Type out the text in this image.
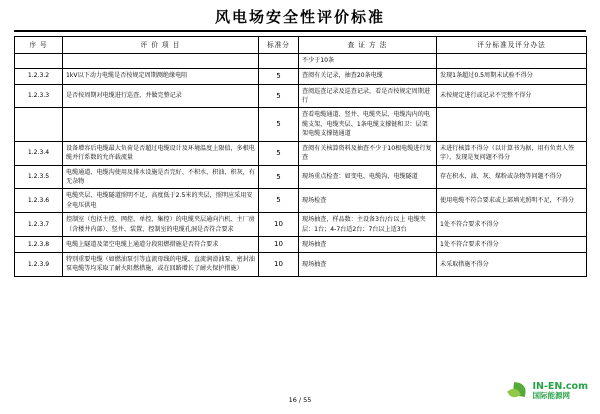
风电场安全性评价标准
序 号	评 价 项 目	标准分	查 证 方 法	评分标准及评分办法
			不少于10条	
1.2.3.2	1kV以下动力电缆是否按规定周期测绝缘电阻	5	查阅有关记录，抽查20条电缆	发现1条超过0.5周期未试验不得分
1.2.3.3	是否按周期对电缆进行巡查，并做完整记录	5	查阅巡查记录及巡查记录，看是否按规定周期进行	未按规定进行或记录不完整不得分
		5	查看电缆通道、竖井、电缆夹层、电缆沟内的电缆支架、电缆夹层、1条电缆支撑链和卫：层架架电缆支撑链通道	
1.2.3.4	设备增容后电缆最大负荷是否超过电缆设计及环境温度上限值，多根电缆并行系数的允许载流量	5	查阅有关核算资料及抽查不少于10根电缆进行复查	未进行核算不得分（以计算书为据，用有负责人签字），发现是复问题不得分
1.2.3.5	电缆通道、电缆沟使用及排水设施是否完好、不积水、积油、积灰，有无杂物	5	现场重点检查：如变电、电缆沟、电缆隧道	存在积水、油、灰、煤粉或杂物等问题不得分
1.2.3.6	电缆夹层、电缆隧道照明不足，高度低于2.5米的夹层，照明应采用安全电压供电	5	现场检查	使用电缆不符合要求或上部填光照明不足，不得分
1.2.3.7	控制室（包括主控、网控、单控、集控）的电缆夹层通向汽机、主厂房（含楼井内部）、竖井、装置、控制室的电缆孔洞是否符合要求	10	现场抽查，样品数：主设备3台/台以上 电缆夹层：1台；4-7台适2台；7台以上适3台	1处不符合要求不得分
1.2.3.8	电缆上隧道及架空电缆上通道分段阻燃措施是否符合要求	10	现场抽查	1处不符合要求不得分
1.2.3.9	特别重要电缆（如燃油泵引等直流母线的电缆、直流润滑油泵、密封油泵电缆等均采取了耐火阻燃措施，或在回路增长了耐火保护措施）	10	现场抽查	未采取措施不得分
16 / 55
IN-EN.com
国际能源网
